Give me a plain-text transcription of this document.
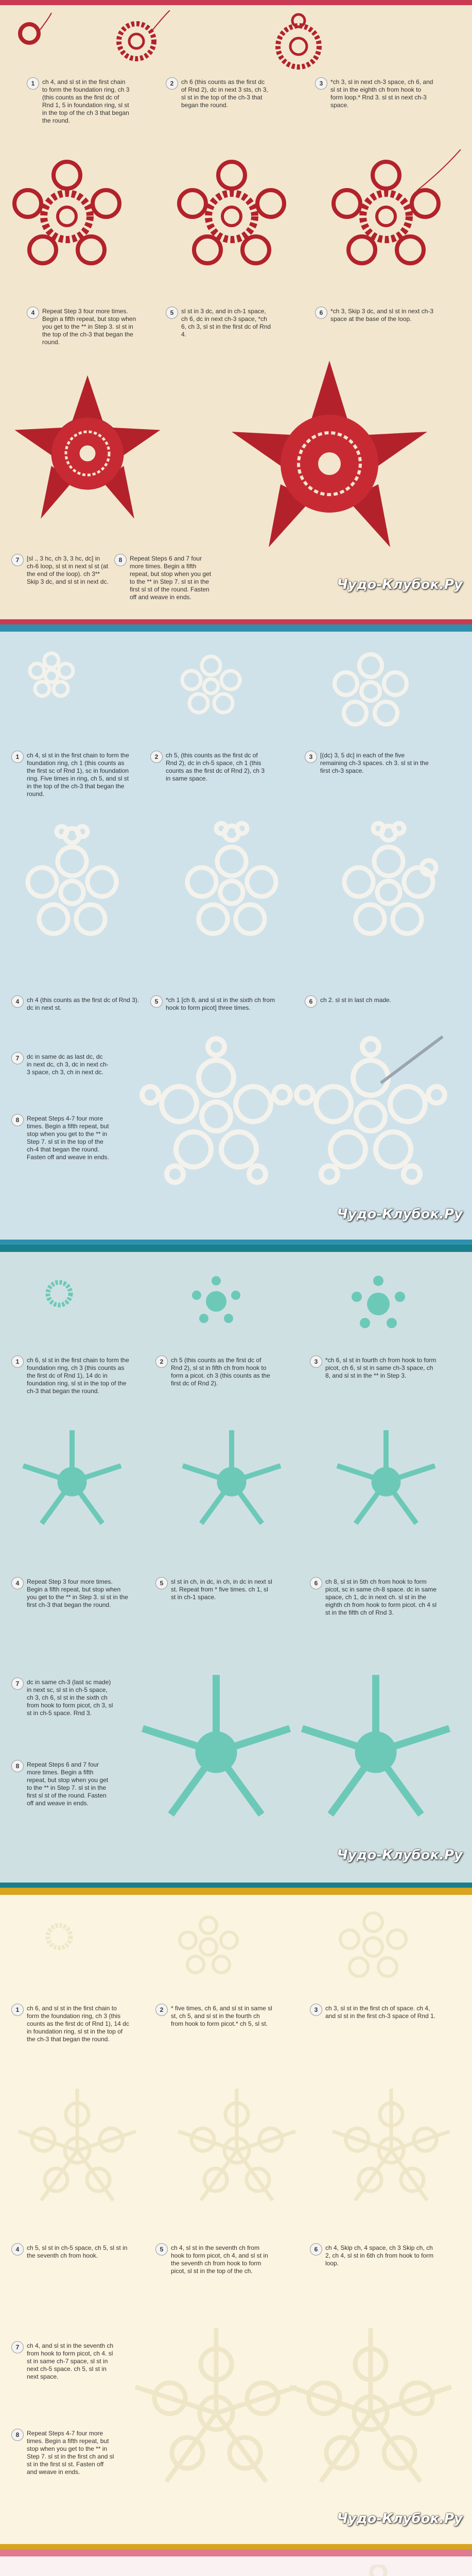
1	ch 4, and sl st in the first chain to form the foundation ring, ch 3 (this counts as the first dc of Rnd 1, 5 in foundation ring, sl st in the top of the ch 3 that began the round.
2	ch 6 (this counts as the first dc of Rnd 2), dc in next 3 sts, ch 3, sl st in the top of the ch-3 that began the round.
3	*ch 3, sl in next ch-3 space, ch 6, and sl st in the eighth ch from hook to form loop.* Rnd 3. sl st in next ch-3 space.
4	Repeat Step 3 four more times. Begin a fifth repeat, but stop when you get to the ** in Step 3. sl st in the top of the ch-3 that began the round.
5	sl st in 3 dc, and in ch-1 space, ch 6, dc in next ch-3 space, *ch 6, ch 3, sl st in the first dc of Rnd 4.
6	*ch 3, Skip 3 dc, and sl st in next ch-3 space at the base of the loop.
7	[sl ., 3 hc, ch 3, 3 hc, dc] in ch-6 loop, sl st in next sl st (at the end of the loop). ch 3** Skip 3 dc, and sl st in next dc.
8	Repeat Steps 6 and 7 four more times. Begin a fifth repeat, but stop when you get to the ** in Step 7. sl st in the first sl st of the round. Fasten off and weave in ends.
Чудо-Клубок.Ру
1	ch 4, sl st in the first chain to form the foundation ring, ch 1 (this counts as the first sc of Rnd 1), sc in foundation ring. Five times in ring, ch 5, and sl st in the top of the ch-3 that began the round.
2	ch 5, (this counts as the first dc of Rnd 2), dc in ch-5 space, ch 1 (this counts as the first dc of Rnd 2), ch 3 in same space.
3	[(dc) 3, 5 dc] in each of the five remaining ch-3 spaces. ch 3. sl st in the first ch-3 space.
4	ch 4 (this counts as the first dc of Rnd 3). dc in next st.
5	*ch 1 [ch 8, and sl st in the sixth ch from hook to form picot] three times.
6	ch 2. sl st in last ch made.
7	dc in same dc as last dc, dc in next dc, ch 3, dc in next ch-3 space, ch 3, ch in next dc.
8	Repeat Steps 4-7 four more times. Begin a fifth repeat, but stop when you get to the ** in Step 7. sl st in the top of the ch-4 that began the round. Fasten off and weave in ends.
Чудо-Клубок.Ру
1	ch 6, sl st in the first chain to form the foundation ring, ch 3 (this counts as the first dc of Rnd 1), 14 dc in foundation ring, sl st in the top of the ch-3 that began the round.
2	ch 5 (this counts as the first dc of Rnd 2), sl st in fifth ch from hook to form a picot. ch 3 (this counts as the first dc of Rnd 2).
3	*ch 6, sl st in fourth ch from hook to form picot, ch 6, sl st in same ch-3 space, ch 8, and sl st in the ** in Step 3.
4	Repeat Step 3 four more times. Begin a fifth repeat, but stop when you get to the ** in Step 3. sl st in the first ch-3 that began the round.
5	sl st in ch, in dc, in ch, in dc in next sl st. Repeat from * five times. ch 1, sl st in ch-1 space.
6	ch 8, sl st in 5th ch from hook to form picot, sc in same ch-8 space. dc in same space, ch 1, dc in next ch. sl st in the eighth ch from hook to form picot. ch 4 sl st in the fifth ch of Rnd 3.
7	dc in same ch-3 (last sc made) in next sc, sl st in ch-5 space, ch 3, ch 6, sl st in the sixth ch from hook to form picot, ch 3, sl st in ch-5 space. Rnd 3.
8	Repeat Steps 6 and 7 four more times. Begin a fifth repeat, but stop when you get to the ** in Step 7. sl st in the first sl st of the round. Fasten off and weave in ends.
Чудо-Клубок.Ру
1	ch 6, and sl st in the first chain to form the foundation ring, ch 3 (this counts as the first dc of Rnd 1), 14 dc in foundation ring, sl st in the top of the ch-3 that began the round.
2	* five times, ch 6, and sl st in same sl st, ch 5, and sl st in the fourth ch from hook to form picot.* ch 5, sl st.
3	ch 3, sl st in the first ch of space. ch 4, and sl st in the first ch-3 space of Rnd 1.
4	ch 5, sl st in ch-5 space, ch 5, sl st in the seventh ch from hook.
5	ch 4, sl st in the seventh ch from hook to form picot, ch 4, and sl st in the seventh ch from hook to form picot, sl st in the top of the ch.
6	ch 4, Skip ch, 4 space, ch 3 Skip ch, ch 2, ch 4, sl st in 6th ch from hook to form loop.
7	ch 4, and sl st in the seventh ch from hook to form picot, ch 4. sl st in same ch-7 space, sl st in next ch-5 space. ch 5, sl st in next space.
8	Repeat Steps 4-7 four more times. Begin a fifth repeat, but stop when you get to the ** in Step 7. sl st in the first ch and sl st in the first sl st. Fasten off and weave in ends.
Чудо-Клубок.Ру
